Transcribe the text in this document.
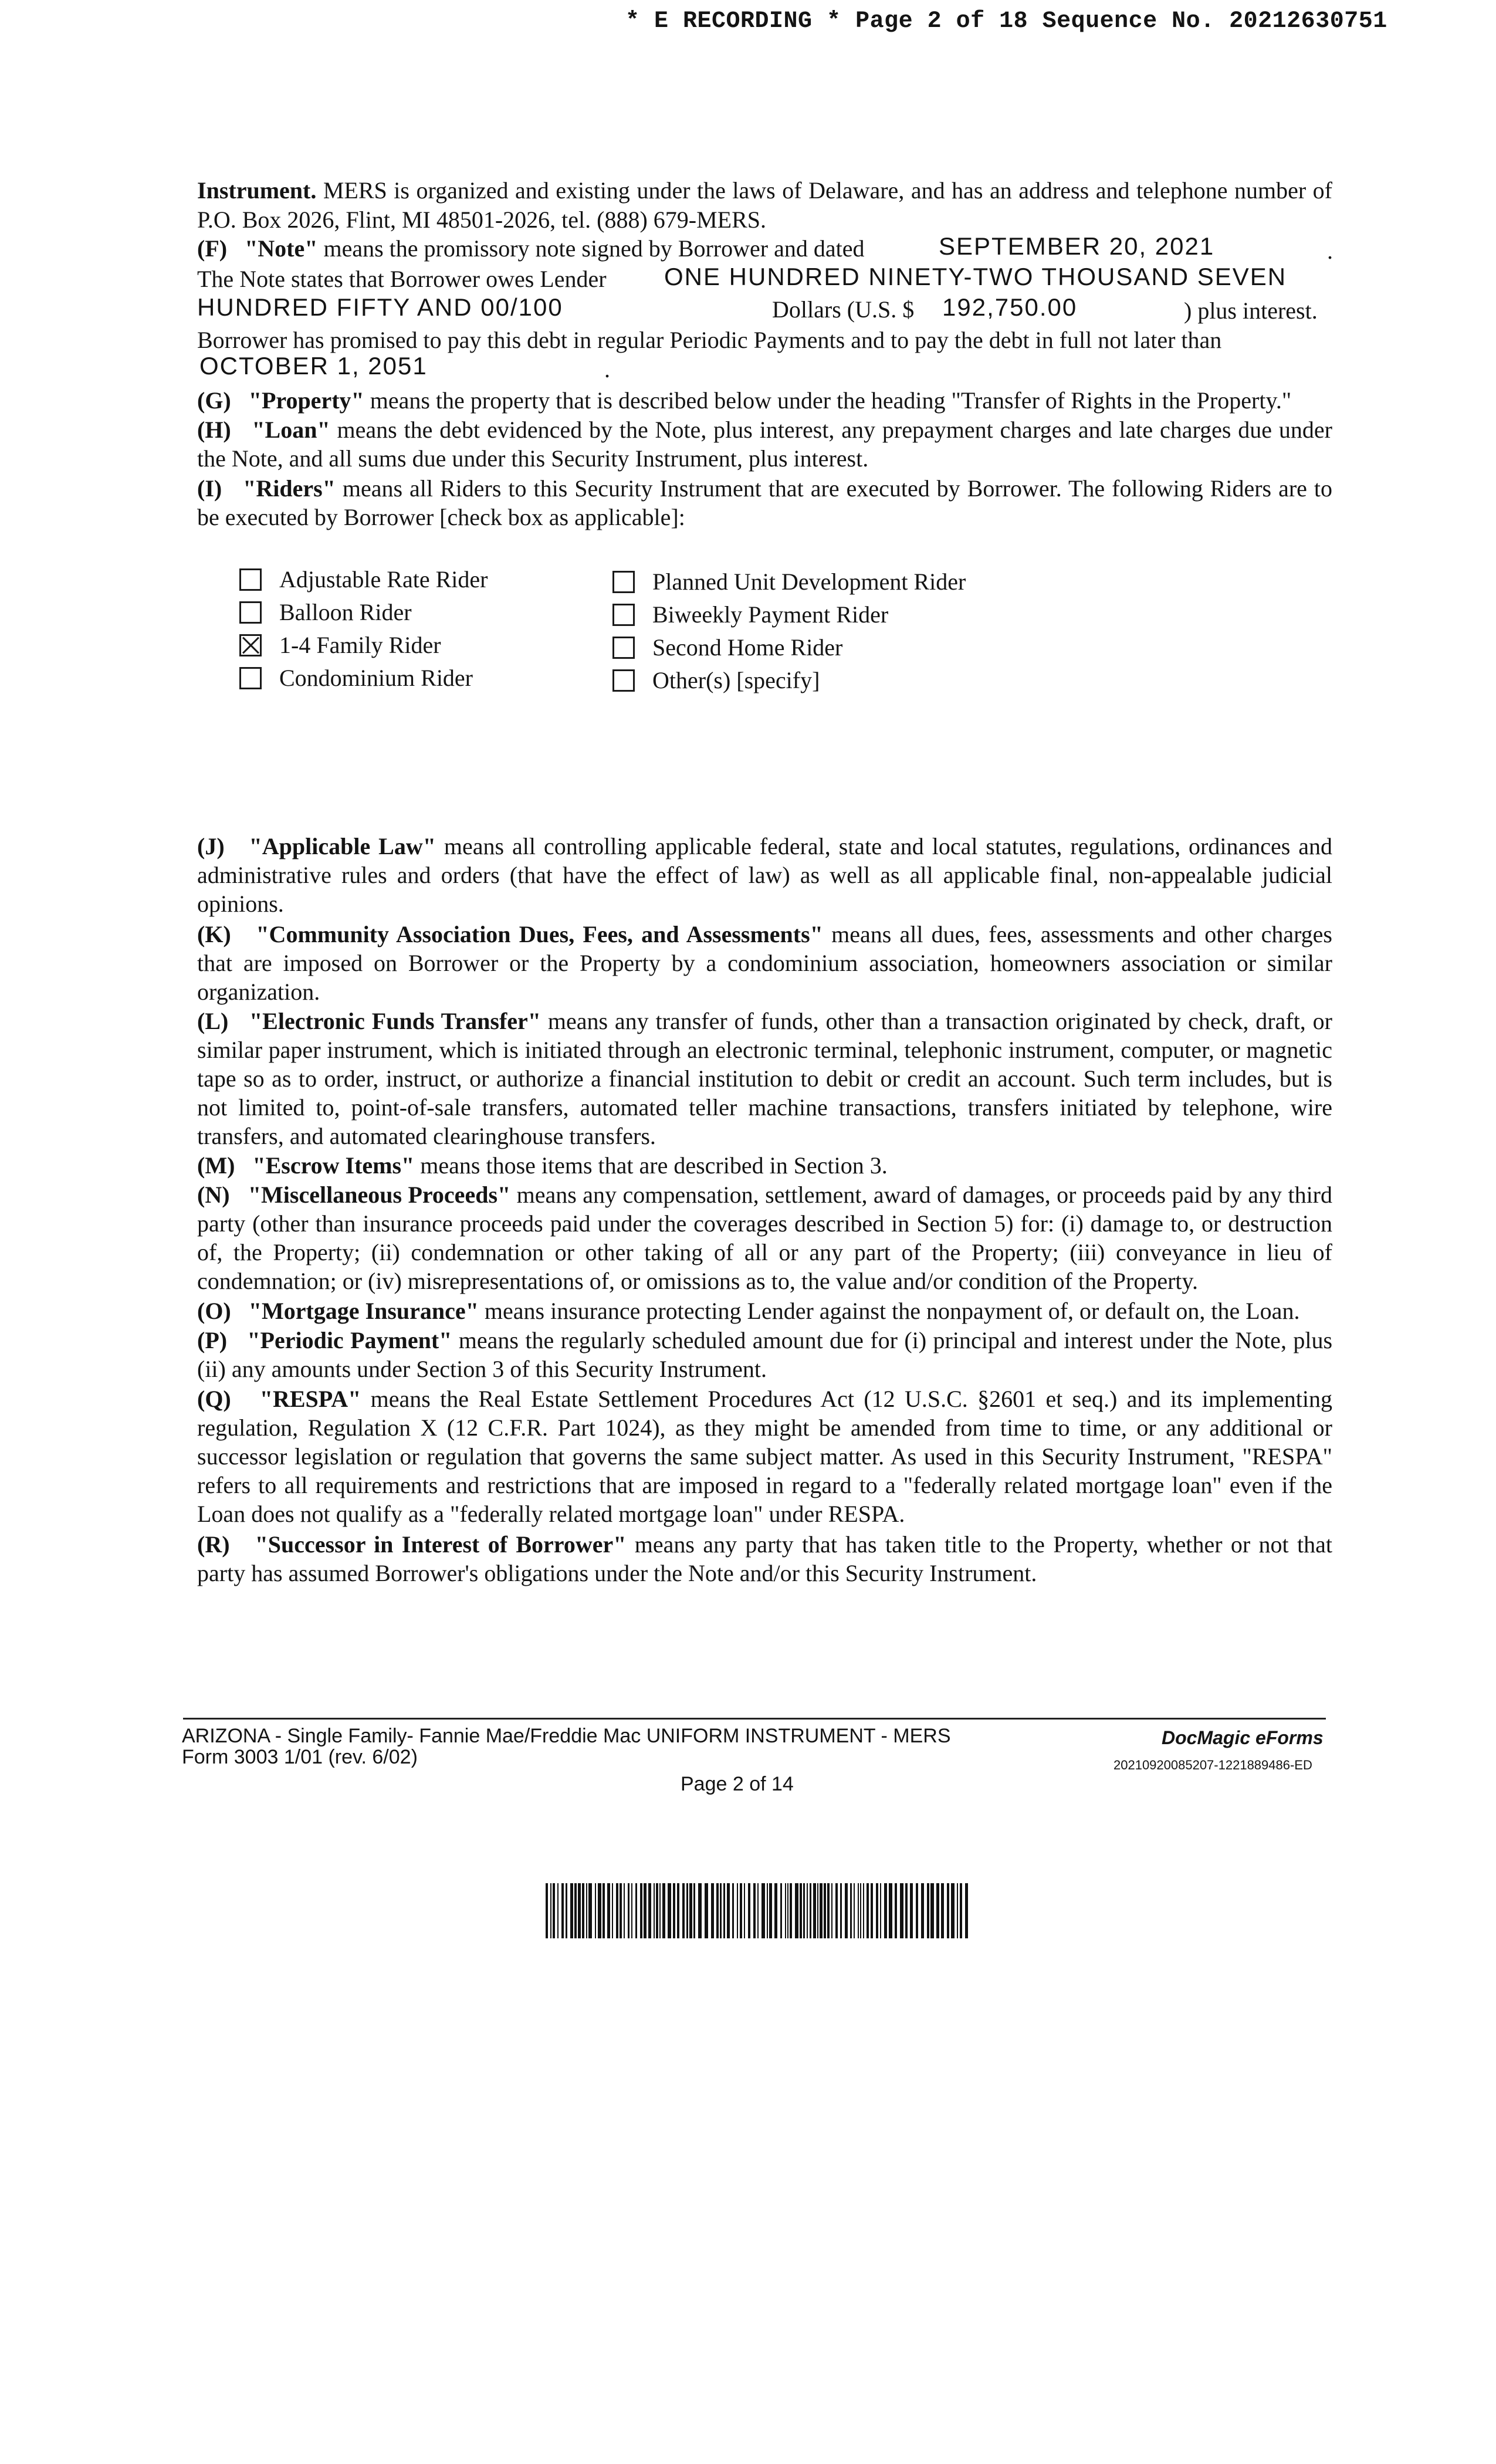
* E RECORDING * Page 2 of 18 Sequence No. 20212630751
Instrument. MERS is organized and existing under the laws of Delaware, and has an address and telephone number of P.O. Box 2026, Flint, MI 48501-2026, tel. (888) 679-MERS.
(F) "Note" means the promissory note signed by Borrower and dated	SEPTEMBER 20, 2021	.
The Note states that Borrower owes Lender ONE HUNDRED NINETY-TWO THOUSAND SEVEN
HUNDRED FIFTY AND 00/100	Dollars (U.S. $ 192,750.00	) plus interest.
Borrower has promised to pay this debt in regular Periodic Payments and to pay the debt in full not later than
OCTOBER 1, 2051	.
(G) "Property" means the property that is described below under the heading "Transfer of Rights in the Property."
(H) "Loan" means the debt evidenced by the Note, plus interest, any prepayment charges and late charges due under the Note, and all sums due under this Security Instrument, plus interest.
(I) "Riders" means all Riders to this Security Instrument that are executed by Borrower. The following Riders are to be executed by Borrower [check box as applicable]:
Adjustable Rate Rider
Balloon Rider
1-4 Family Rider
Condominium Rider
Planned Unit Development Rider
Biweekly Payment Rider
Second Home Rider
Other(s) [specify]
(J) "Applicable Law" means all controlling applicable federal, state and local statutes, regulations, ordinances and administrative rules and orders (that have the effect of law) as well as all applicable final, non-appealable judicial opinions.
(K) "Community Association Dues, Fees, and Assessments" means all dues, fees, assessments and other charges that are imposed on Borrower or the Property by a condominium association, homeowners association or similar organization.
(L) "Electronic Funds Transfer" means any transfer of funds, other than a transaction originated by check, draft, or similar paper instrument, which is initiated through an electronic terminal, telephonic instrument, computer, or magnetic tape so as to order, instruct, or authorize a financial institution to debit or credit an account. Such term includes, but is not limited to, point-of-sale transfers, automated teller machine transactions, transfers initiated by telephone, wire transfers, and automated clearinghouse transfers.
(M) "Escrow Items" means those items that are described in Section 3.
(N) "Miscellaneous Proceeds" means any compensation, settlement, award of damages, or proceeds paid by any third party (other than insurance proceeds paid under the coverages described in Section 5) for: (i) damage to, or destruction of, the Property; (ii) condemnation or other taking of all or any part of the Property; (iii) conveyance in lieu of condemnation; or (iv) misrepresentations of, or omissions as to, the value and/or condition of the Property.
(O) "Mortgage Insurance" means insurance protecting Lender against the nonpayment of, or default on, the Loan.
(P) "Periodic Payment" means the regularly scheduled amount due for (i) principal and interest under the Note, plus (ii) any amounts under Section 3 of this Security Instrument.
(Q) "RESPA" means the Real Estate Settlement Procedures Act (12 U.S.C. §2601 et seq.) and its implementing regulation, Regulation X (12 C.F.R. Part 1024), as they might be amended from time to time, or any additional or successor legislation or regulation that governs the same subject matter. As used in this Security Instrument, "RESPA" refers to all requirements and restrictions that are imposed in regard to a "federally related mortgage loan" even if the Loan does not qualify as a "federally related mortgage loan" under RESPA.
(R) "Successor in Interest of Borrower" means any party that has taken title to the Property, whether or not that party has assumed Borrower's obligations under the Note and/or this Security Instrument.
ARIZONA - Single Family- Fannie Mae/Freddie Mac UNIFORM INSTRUMENT - MERS
Form 3003 1/01 (rev. 6/02)
Page 2 of 14
DocMagic eForms
20210920085207-1221889486-ED
